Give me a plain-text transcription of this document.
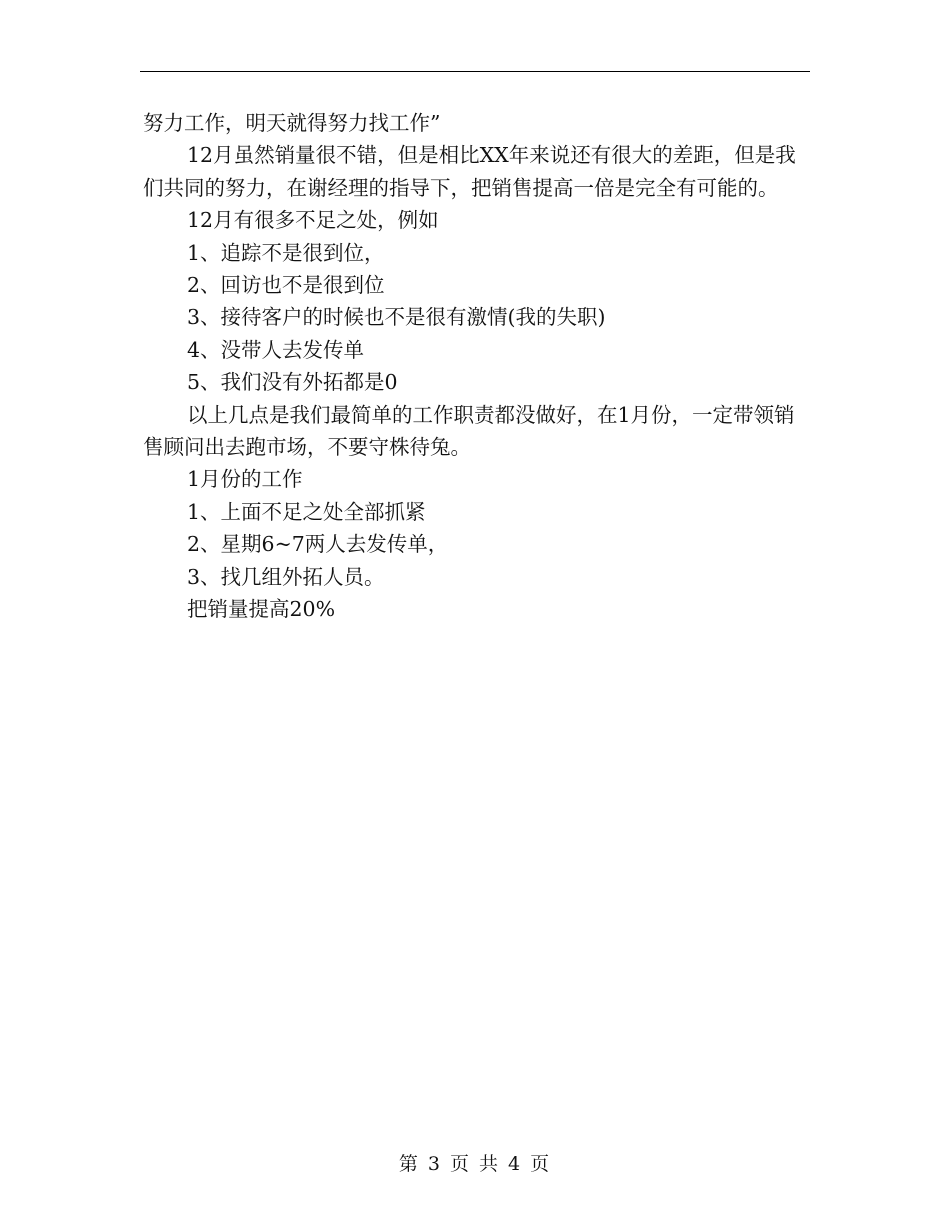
努力工作，明天就得努力找工作”

12月虽然销量很不错，但是相比XX年来说还有很大的差距，但是我们共同的努力，在谢经理的指导下，把销售提高一倍是完全有可能的。

12月有很多不足之处，例如

1、追踪不是很到位，

2、回访也不是很到位

3、接待客户的时候也不是很有激情(我的失职)

4、没带人去发传单

5、我们没有外拓都是0

以上几点是我们最简单的工作职责都没做好，在1月份，一定带领销售顾问出去跑市场，不要守株待兔。

1月份的工作

1、上面不足之处全部抓紧

2、星期6~7两人去发传单，

3、找几组外拓人员。

把销量提高20%

第 3 页 共 4 页
